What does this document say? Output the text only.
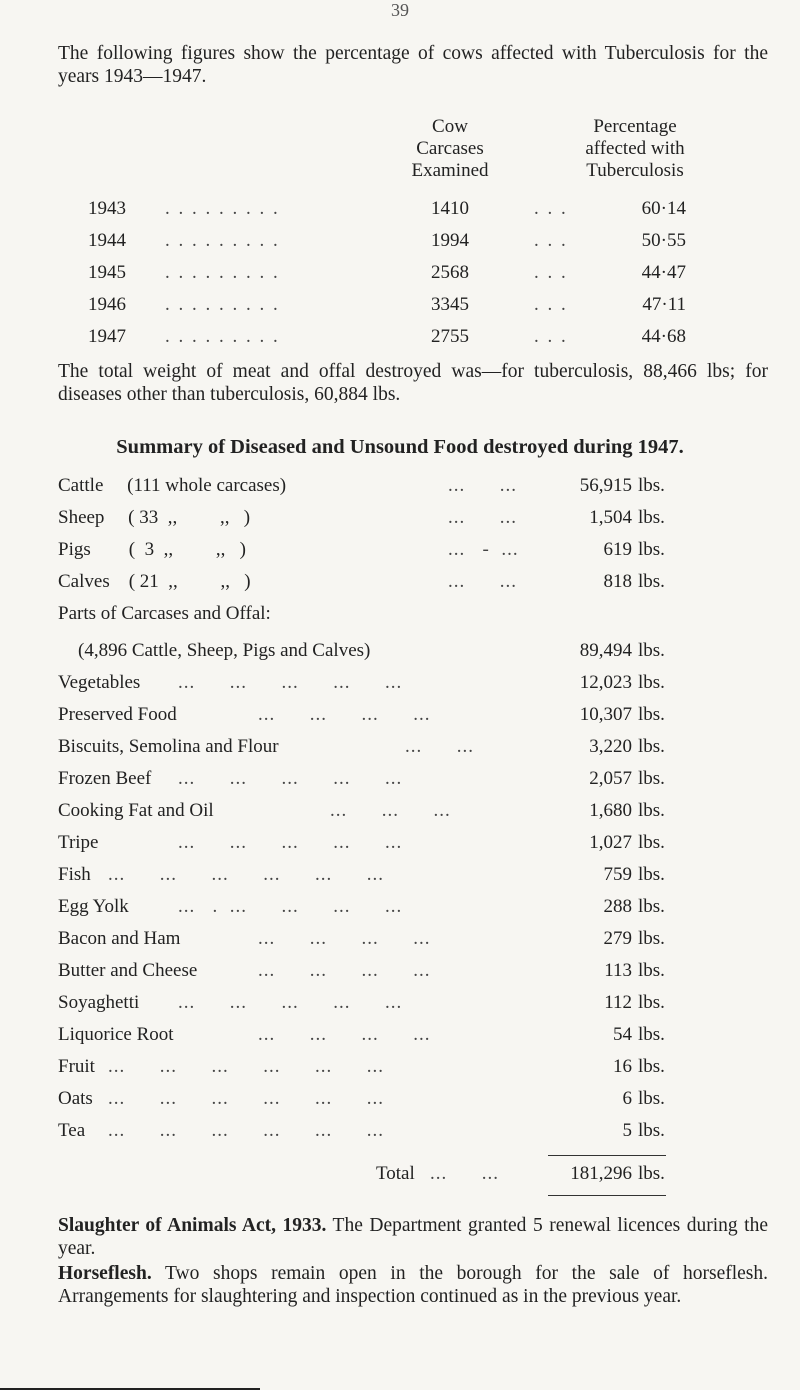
39
The following figures show the percentage of cows affected with Tuberculosis for the years 1943—1947.
Cow
Carcases
Examined
Percentage
affected with
Tuberculosis
1943 . . . . . . . . .	1410	. . .	60·14
1944 . . . . . . . . .	1994	. . .	50·55
1945 . . . . . . . . .	2568	. . .	44·47
1946 . . . . . . . . .	3345	. . .	47·11
1947 . . . . . . . . .	2755	. . .	44·68
The total weight of meat and offal destroyed was—for tuberculosis, 88,466 lbs; for diseases other than tuberculosis, 60,884 lbs.
Summary of Diseased and Unsound Food destroyed during 1947.
Cattle     (111 whole carcases)	...      ...	56,915 lbs.
Sheep     ( 33  ,,         ,,   )	...      ...	1,504 lbs.
Pigs        (  3  ,,         ,,   )	...   -  ...	619 lbs.
Calves    ( 21  ,,         ,,   )	...      ...	818 lbs.
Parts of Carcases and Offal:
(4,896 Cattle, Sheep, Pigs and Calves)	89,494 lbs.
Vegetables ...      ...      ...      ...      ...	12,023 lbs.
Preserved Food	...      ...      ...      ...	10,307 lbs.
Biscuits, Semolina and Flour	...      ...	3,220 lbs.
Frozen Beef ...      ...      ...      ...      ...	2,057 lbs.
Cooking Fat and Oil	...      ...      ...	1,680 lbs.
Tripe	...      ...      ...      ...      ...	1,027 lbs.
Fish ...      ...      ...      ...      ...      ...	759 lbs.
Egg Yolk	...   .  ...      ...      ...      ...	288 lbs.
Bacon and Ham	...      ...      ...      ...	279 lbs.
Butter and Cheese	...      ...      ...      ...	113 lbs.
Soyaghetti ...      ...      ...      ...      ...	112 lbs.
Liquorice Root	...      ...      ...      ...	54 lbs.
Fruit ...      ...      ...      ...      ...      ...	16 lbs.
Oats ...      ...      ...      ...      ...      ...	6 lbs.
Tea ...      ...      ...      ...      ...      ...	5 lbs.
Total ...      ...	181,296 lbs.
Slaughter of Animals Act, 1933. The Department granted 5 renewal licences during the year.
Horseflesh. Two shops remain open in the borough for the sale of horseflesh. Arrangements for slaughtering and inspection continued as in the previous year.
